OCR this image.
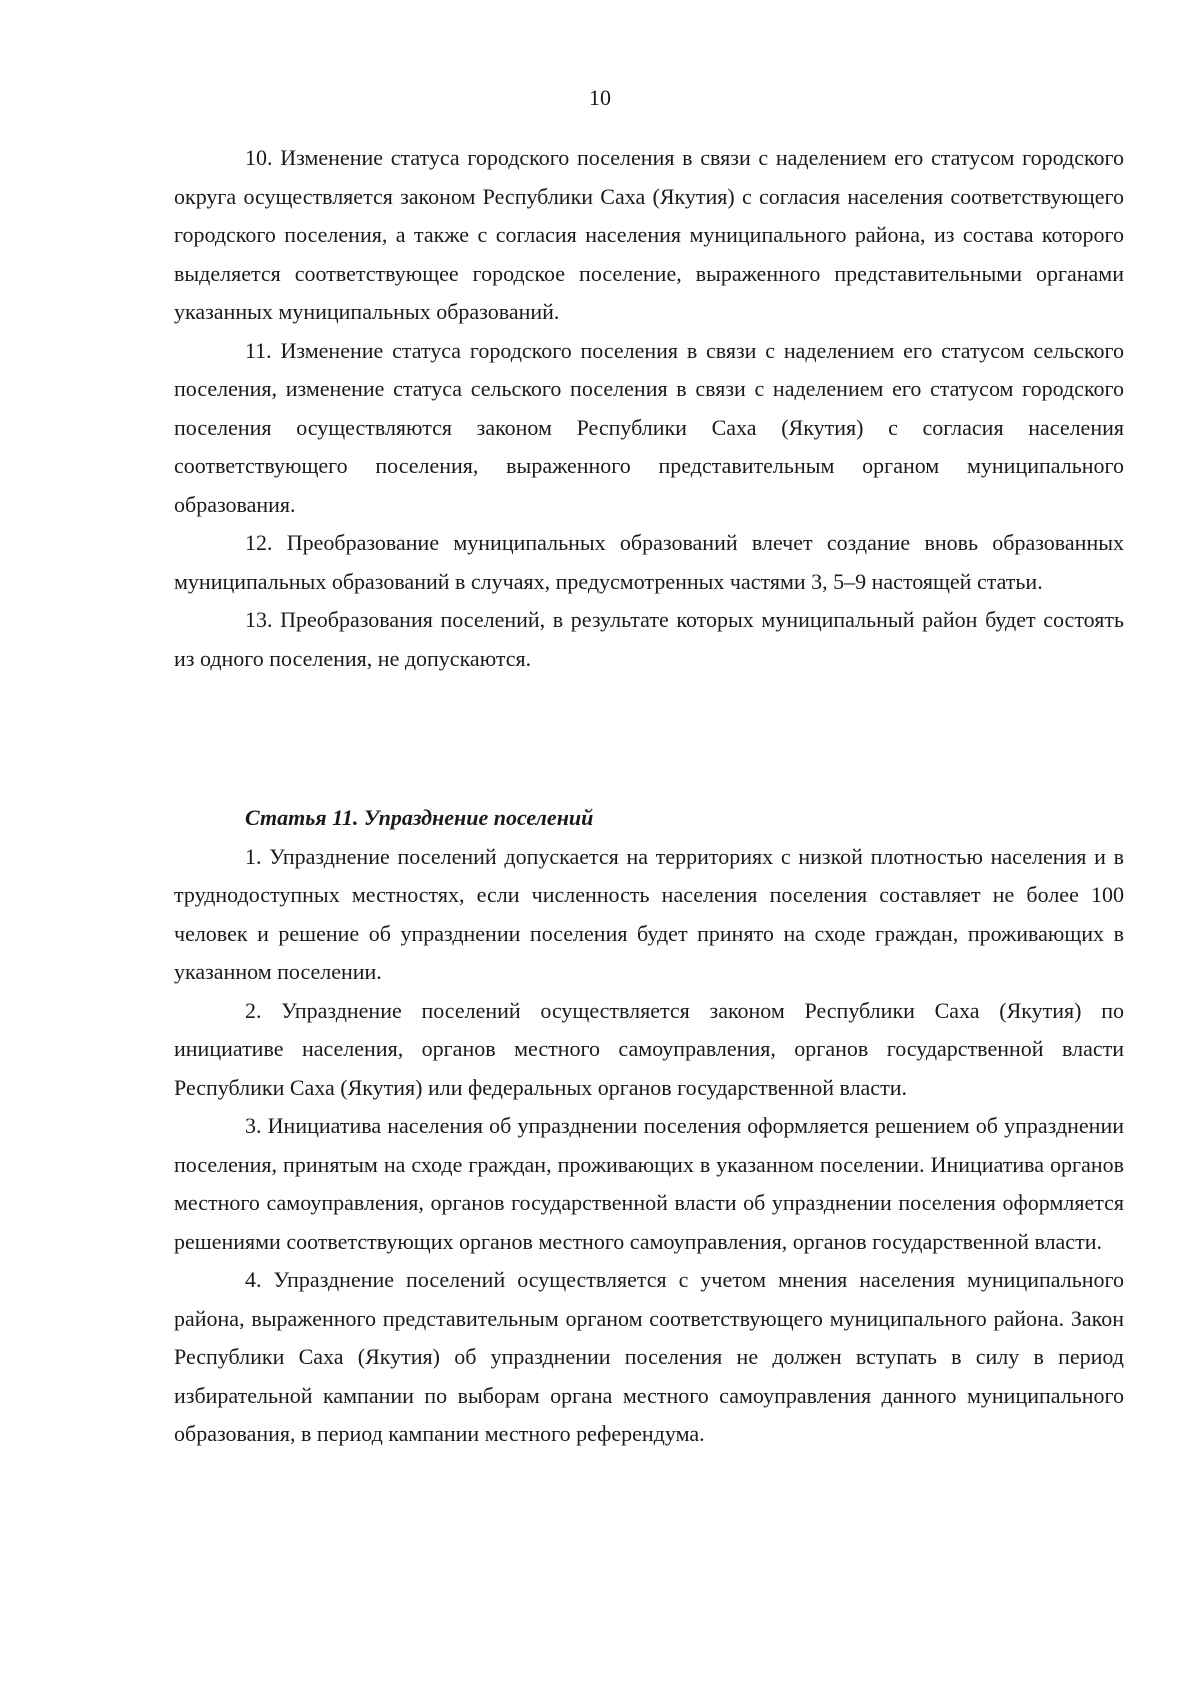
10

10. Изменение статуса городского поселения в связи с наделением его статусом городского округа осуществляется законом Республики Саха (Якутия) с согласия населения соответствующего городского поселения, а также с согласия населения муниципального района, из состава которого выделяется соответствующее городское поселение, выраженного представительными органами указанных муниципальных образований.

11. Изменение статуса городского поселения в связи с наделением его статусом сельского поселения, изменение статуса сельского поселения в связи с наделением его статусом городского поселения осуществляются законом Республики Саха (Якутия) с согласия населения соответствующего поселения, выраженного представительным органом муниципального образования.

12. Преобразование муниципальных образований влечет создание вновь образованных муниципальных образований в случаях, предусмотренных частями 3, 5–9 настоящей статьи.

13. Преобразования поселений, в результате которых муниципальный район будет состоять из одного поселения, не допускаются.

Статья 11. Упразднение поселений

1. Упразднение поселений допускается на территориях с низкой плотностью населения и в труднодоступных местностях, если численность населения поселения составляет не более 100 человек и решение об упразднении поселения будет принято на сходе граждан, проживающих в указанном поселении.

2. Упразднение поселений осуществляется законом Республики Саха (Якутия) по инициативе населения, органов местного самоуправления, органов государственной власти Республики Саха (Якутия) или федеральных органов государственной власти.

3. Инициатива населения об упразднении поселения оформляется решением об упразднении поселения, принятым на сходе граждан, проживающих в указанном поселении. Инициатива органов местного самоуправления, органов государственной власти об упразднении поселения оформляется решениями соответствующих органов местного самоуправления, органов государственной власти.

4. Упразднение поселений осуществляется с учетом мнения населения муниципального района, выраженного представительным органом соответствующего муниципального района. Закон Республики Саха (Якутия) об упразднении поселения не должен вступать в силу в период избирательной кампании по выборам органа местного самоуправления данного муниципального образования, в период кампании местного референдума.
